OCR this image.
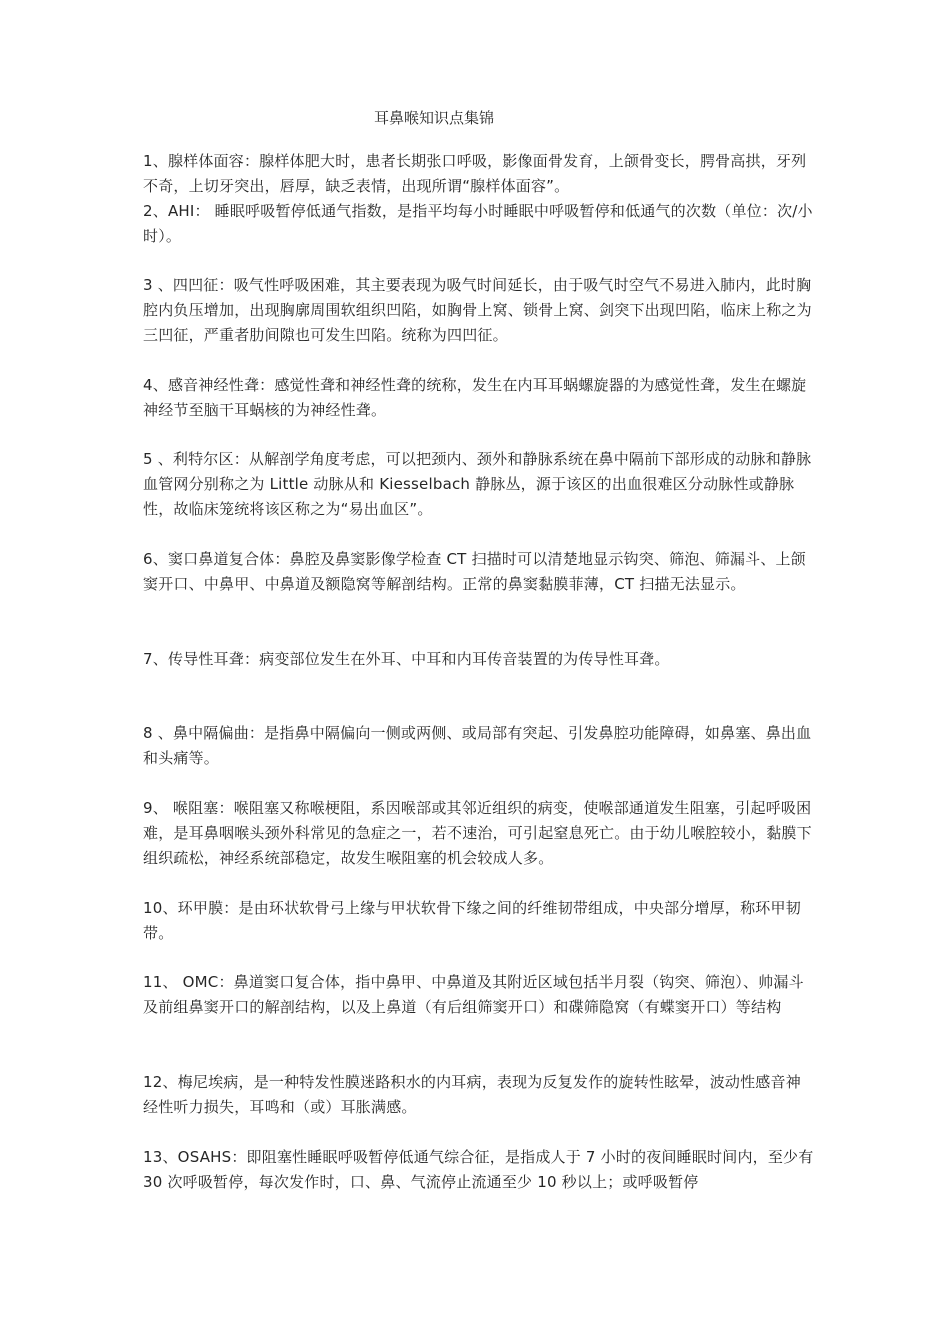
耳鼻喉知识点集锦

1、腺样体面容：腺样体肥大时，患者长期张口呼吸，影像面骨发育，上颌骨变长，腭骨高拱，牙列不奇，上切牙突出，唇厚，缺乏表情，出现所谓“腺样体面容”。

2、AHI： 睡眠呼吸暂停低通气指数，是指平均每小时睡眠中呼吸暂停和低通气的次数（单位：次/小时）。

3 、四凹征：吸气性呼吸困难，其主要表现为吸气时间延长，由于吸气时空气不易进入肺内，此时胸腔内负压增加，出现胸廓周围软组织凹陷，如胸骨上窝、锁骨上窝、剑突下出现凹陷，临床上称之为三凹征，严重者肋间隙也可发生凹陷。统称为四凹征。

4、感音神经性聋：感觉性聋和神经性聋的统称，发生在内耳耳蜗螺旋器的为感觉性聋，发生在螺旋神经节至脑干耳蜗核的为神经性聋。

5 、利特尔区：从解剖学角度考虑，可以把颈内、颈外和静脉系统在鼻中隔前下部形成的动脉和静脉血管网分别称之为 Little 动脉从和 Kiesselbach 静脉丛，源于该区的出血很难区分动脉性或静脉性，故临床笼统将该区称之为“易出血区”。

6、窦口鼻道复合体：鼻腔及鼻窦影像学检查 CT 扫描时可以清楚地显示钩突、筛泡、筛漏斗、上颌窦开口、中鼻甲、中鼻道及额隐窝等解剖结构。正常的鼻窦黏膜菲薄，CT 扫描无法显示。

7、传导性耳聋：病变部位发生在外耳、中耳和内耳传音装置的为传导性耳聋。

8 、鼻中隔偏曲：是指鼻中隔偏向一侧或两侧、或局部有突起、引发鼻腔功能障碍，如鼻塞、鼻出血和头痛等。

9、 喉阻塞：喉阻塞又称喉梗阻，系因喉部或其邻近组织的病变，使喉部通道发生阻塞，引起呼吸困难，是耳鼻咽喉头颈外科常见的急症之一，若不速治，可引起窒息死亡。由于幼儿喉腔较小，黏膜下组织疏松，神经系统部稳定，故发生喉阻塞的机会较成人多。

10、环甲膜：是由环状软骨弓上缘与甲状软骨下缘之间的纤维韧带组成，中央部分增厚，称环甲韧带。

11、 OMC：鼻道窦口复合体，指中鼻甲、中鼻道及其附近区域包括半月裂（钩突、筛泡）、帅漏斗及前组鼻窦开口的解剖结构，以及上鼻道（有后组筛窦开口）和碟筛隐窝（有蝶窦开口）等结构

12、梅尼埃病，是一种特发性膜迷路积水的内耳病，表现为反复发作的旋转性眩晕，波动性感音神经性听力损失，耳鸣和（或）耳胀满感。

13、OSAHS：即阻塞性睡眠呼吸暂停低通气综合征，是指成人于 7 小时的夜间睡眠时间内，至少有 30 次呼吸暂停，每次发作时，口、鼻、气流停止流通至少 10 秒以上；或呼吸暂停
